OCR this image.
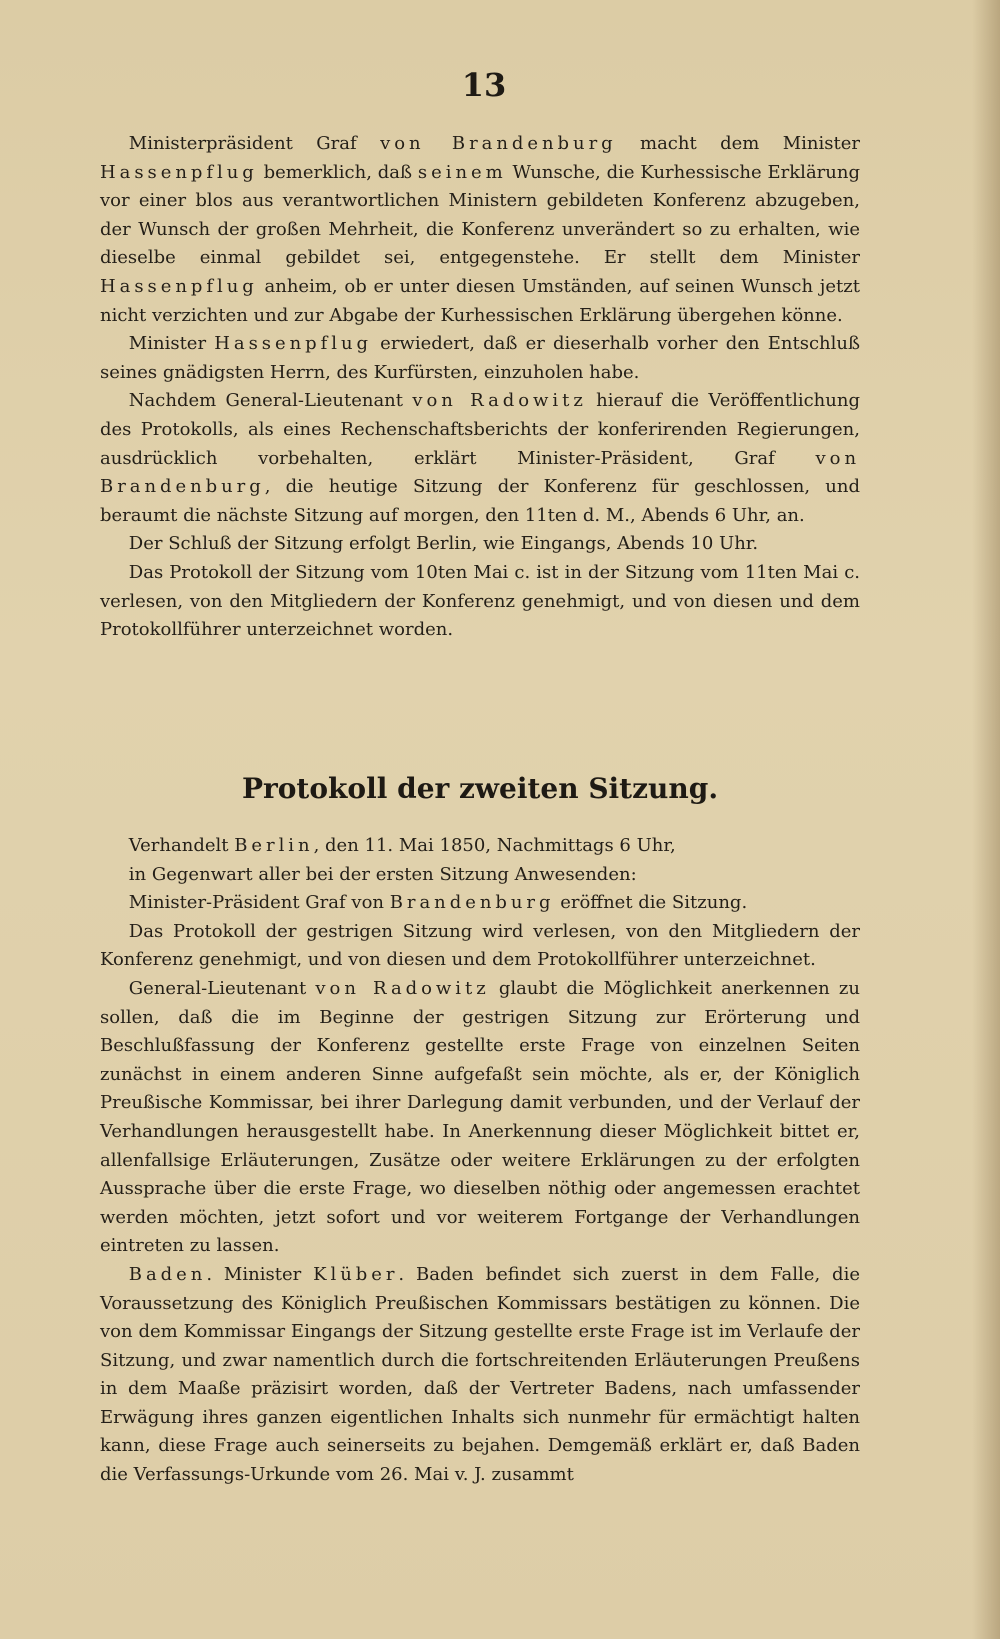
13

Ministerpräsident Graf von Brandenburg macht dem Minister Hassenpflug bemerklich, daß seinem Wunsche, die Kurhessische Erklärung vor einer blos aus verantwortlichen Ministern gebildeten Konferenz abzugeben, der Wunsch der großen Mehrheit, die Konferenz unverändert so zu erhalten, wie dieselbe einmal gebildet sei, entgegenstehe. Er stellt dem Minister Hassenpflug anheim, ob er unter diesen Umständen, auf seinen Wunsch jetzt nicht verzichten und zur Abgabe der Kurhessischen Erklärung übergehen könne.

Minister Hassenpflug erwiedert, daß er dieserhalb vorher den Entschluß seines gnädigsten Herrn, des Kurfürsten, einzuholen habe.

Nachdem General-Lieutenant von Radowitz hierauf die Veröffentlichung des Protokolls, als eines Rechenschaftsberichts der konferirenden Regierungen, ausdrücklich vorbehalten, erklärt Minister-Präsident, Graf von Brandenburg, die heutige Sitzung der Konferenz für geschlossen, und beraumt die nächste Sitzung auf morgen, den 11ten d. M., Abends 6 Uhr, an.

Der Schluß der Sitzung erfolgt Berlin, wie Eingangs, Abends 10 Uhr.

Das Protokoll der Sitzung vom 10ten Mai c. ist in der Sitzung vom 11ten Mai c. verlesen, von den Mitgliedern der Konferenz genehmigt, und von diesen und dem Protokollführer unterzeichnet worden.

Protokoll der zweiten Sitzung.

Verhandelt Berlin, den 11. Mai 1850, Nachmittags 6 Uhr,

in Gegenwart aller bei der ersten Sitzung Anwesenden:

Minister-Präsident Graf von Brandenburg eröffnet die Sitzung.

Das Protokoll der gestrigen Sitzung wird verlesen, von den Mitgliedern der Konferenz genehmigt, und von diesen und dem Protokollführer unterzeichnet.

General-Lieutenant von Radowitz glaubt die Möglichkeit anerkennen zu sollen, daß die im Beginne der gestrigen Sitzung zur Erörterung und Beschlußfassung der Konferenz gestellte erste Frage von einzelnen Seiten zunächst in einem anderen Sinne aufgefaßt sein möchte, als er, der Königlich Preußische Kommissar, bei ihrer Darlegung damit verbunden, und der Verlauf der Verhandlungen herausgestellt habe. In Anerkennung dieser Möglichkeit bittet er, allenfallsige Erläuterungen, Zusätze oder weitere Erklärungen zu der erfolgten Aussprache über die erste Frage, wo dieselben nöthig oder angemessen erachtet werden möchten, jetzt sofort und vor weiterem Fortgange der Verhandlungen eintreten zu lassen.

Baden. Minister Klüber. Baden befindet sich zuerst in dem Falle, die Voraussetzung des Königlich Preußischen Kommissars bestätigen zu können. Die von dem Kommissar Eingangs der Sitzung gestellte erste Frage ist im Verlaufe der Sitzung, und zwar namentlich durch die fortschreitenden Erläuterungen Preußens in dem Maaße präzisirt worden, daß der Vertreter Badens, nach umfassender Erwägung ihres ganzen eigentlichen Inhalts sich nunmehr für ermächtigt halten kann, diese Frage auch seinerseits zu bejahen. Demgemäß erklärt er, daß Baden die Verfassungs-Urkunde vom 26. Mai v. J. zusammt
